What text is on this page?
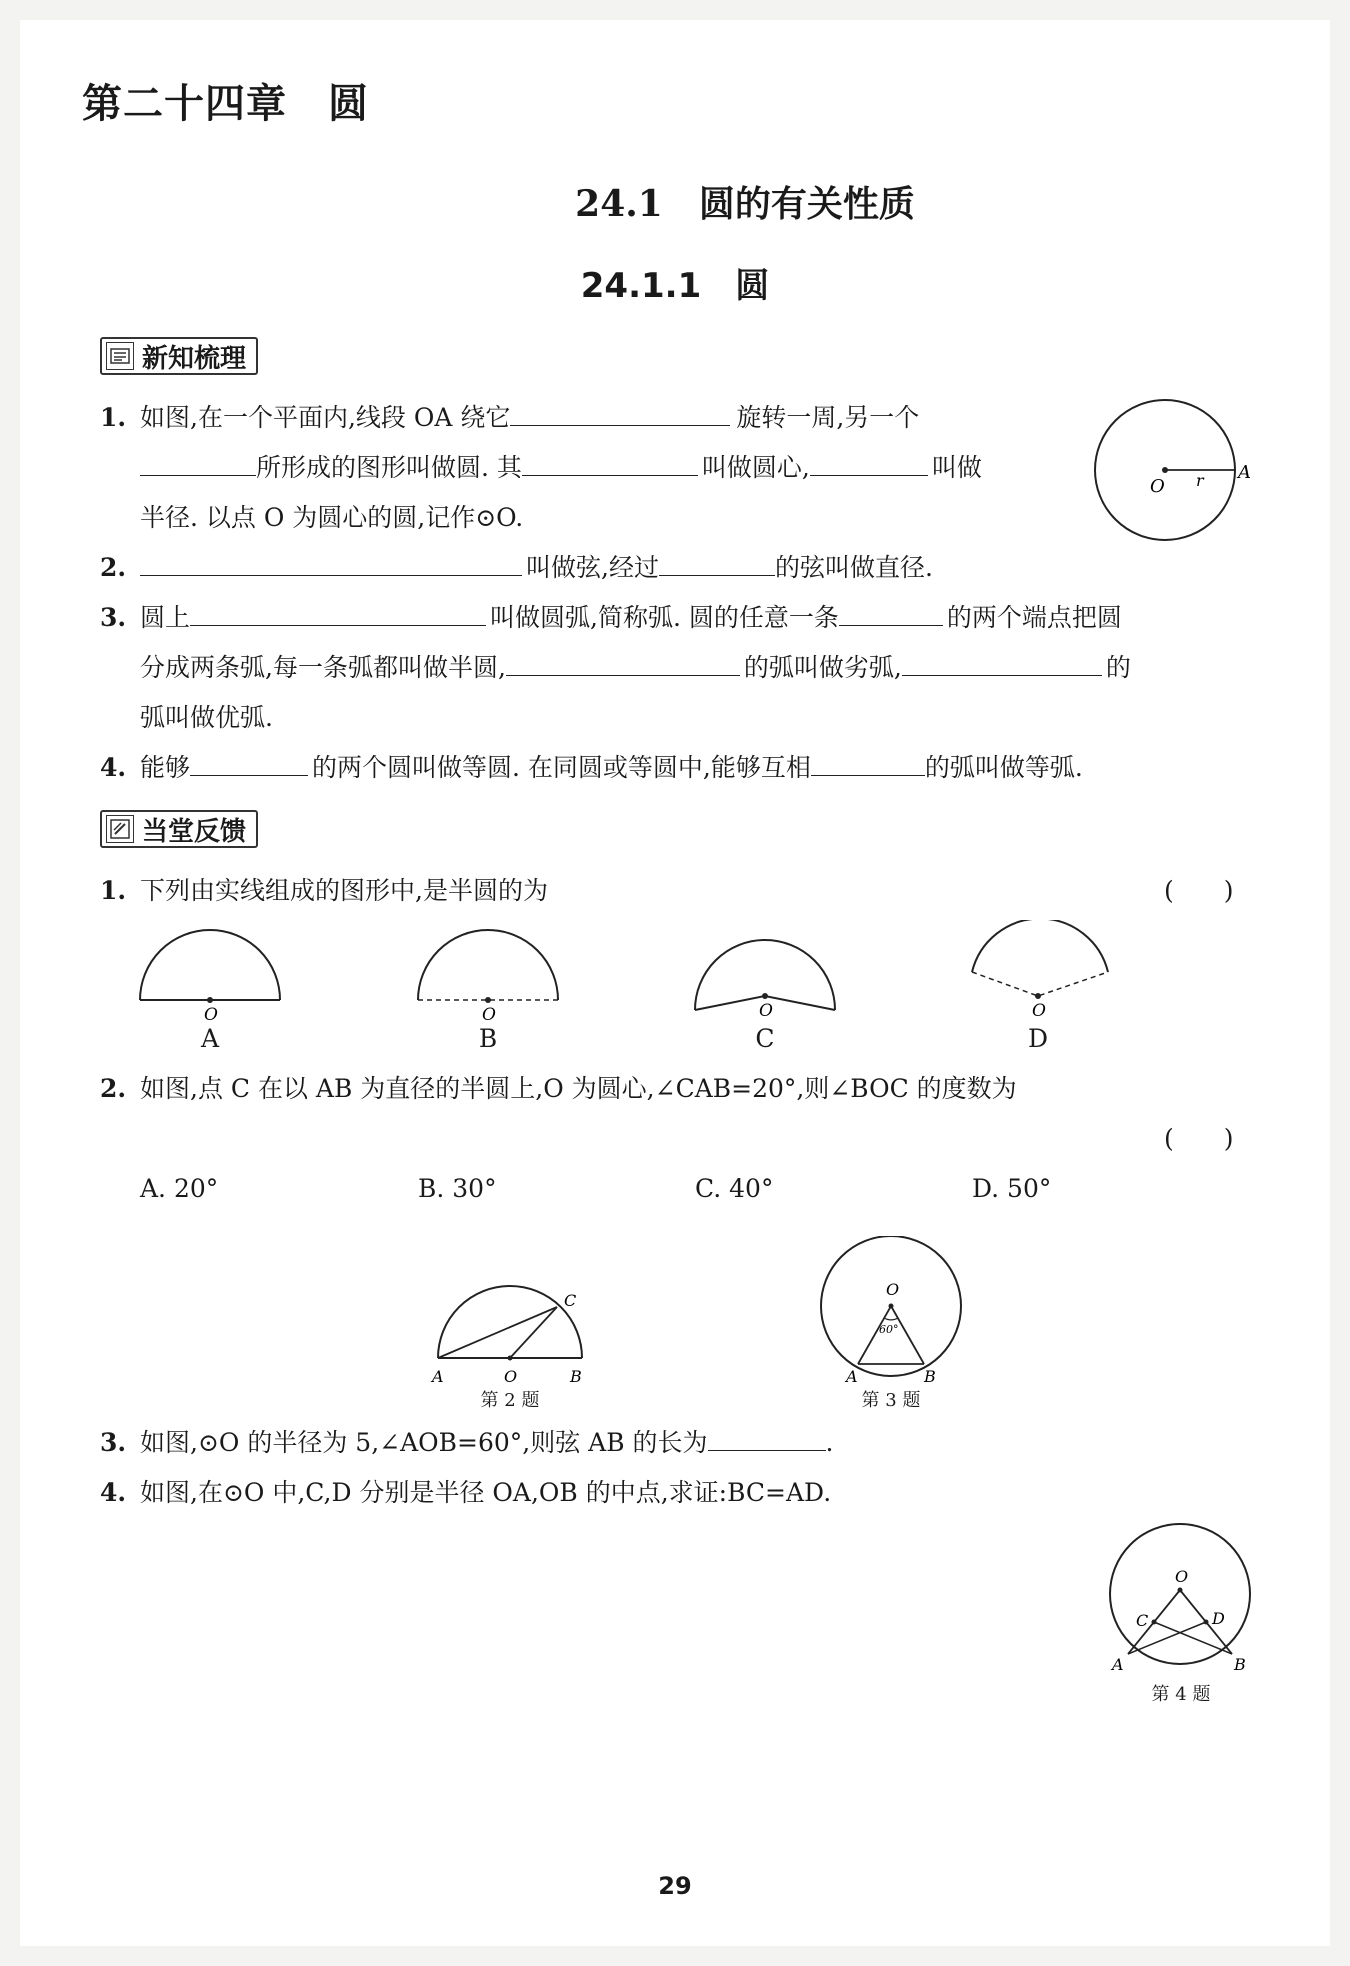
第二十四章　圆
24.1　圆的有关性质
24.1.1　圆
新知梳理
1. 如图,在一个平面内,线段 OA 绕它	旋转一周,另一个
所形成的图形叫做圆. 其	叫做圆心,	叫做
半径. 以点 O 为圆心的圆,记作⊙O.
O r A
2.	叫做弦,经过	的弦叫做直径.
3. 圆上	叫做圆弧,简称弧. 圆的任意一条	的两个端点把圆
分成两条弧,每一条弧都叫做半圆,	的弧叫做劣弧,	的
弧叫做优弧.
4. 能够	的两个圆叫做等圆. 在同圆或等圆中,能够互相	的弧叫做等弧.
当堂反馈
1. 下列由实线组成的图形中,是半圆的为	(　　)
O	O	O	O
A	B	C	D
2. 如图,点 C 在以 AB 为直径的半圆上,O 为圆心,∠CAB=20°,则∠BOC 的度数为
(　　)
A. 20°	B. 30°	C. 40°	D. 50°
A	O	B
C
第 2 题
O
60°
A	B
第 3 题
3. 如图,⊙O 的半径为 5,∠AOB=60°,则弦 AB 的长为	.
4. 如图,在⊙O 中,C,D 分别是半径 OA,OB 的中点,求证:BC=AD.
O
C	D
A	B
第 4 题
29
